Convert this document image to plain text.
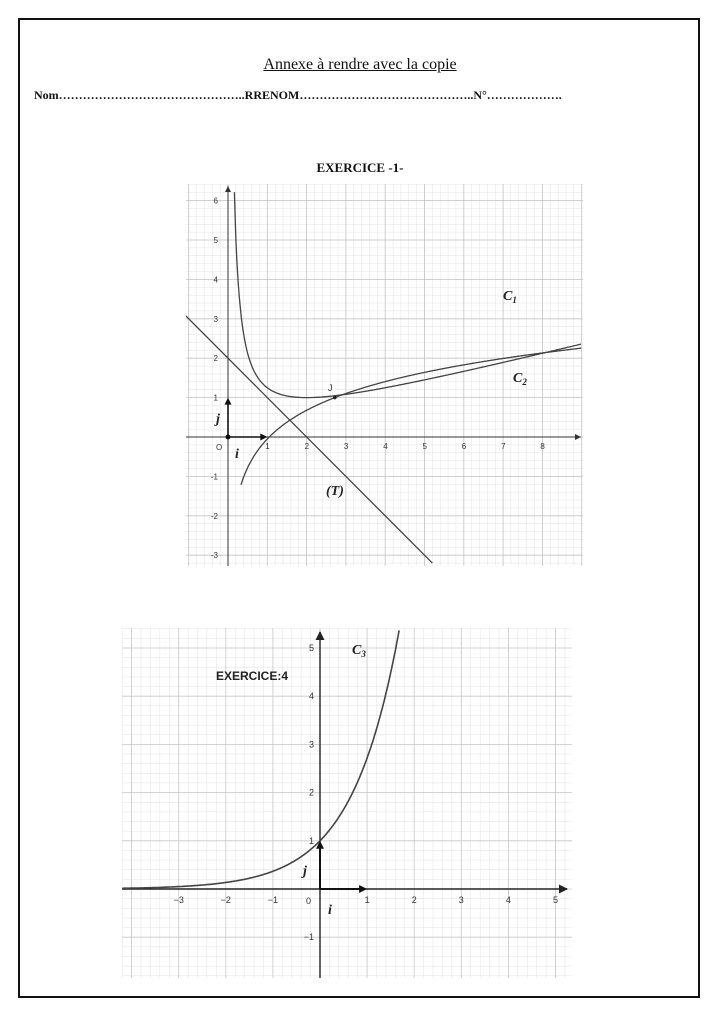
Annexe à rendre avec la copie
Nom………………………………………..RRENOM……………………………………..N°……………….
EXERCICE -1-
1	2	3	4	5	6	7	8
-3
-2
-1
1
2
3
4
5
6
$C_1$
$C_2$
(T)
J
O i
j
−3	−2	−1	1	2	3	4	5
−1
1
2
3
4
5
EXERCICE:4
$C_3$
0
i
j
